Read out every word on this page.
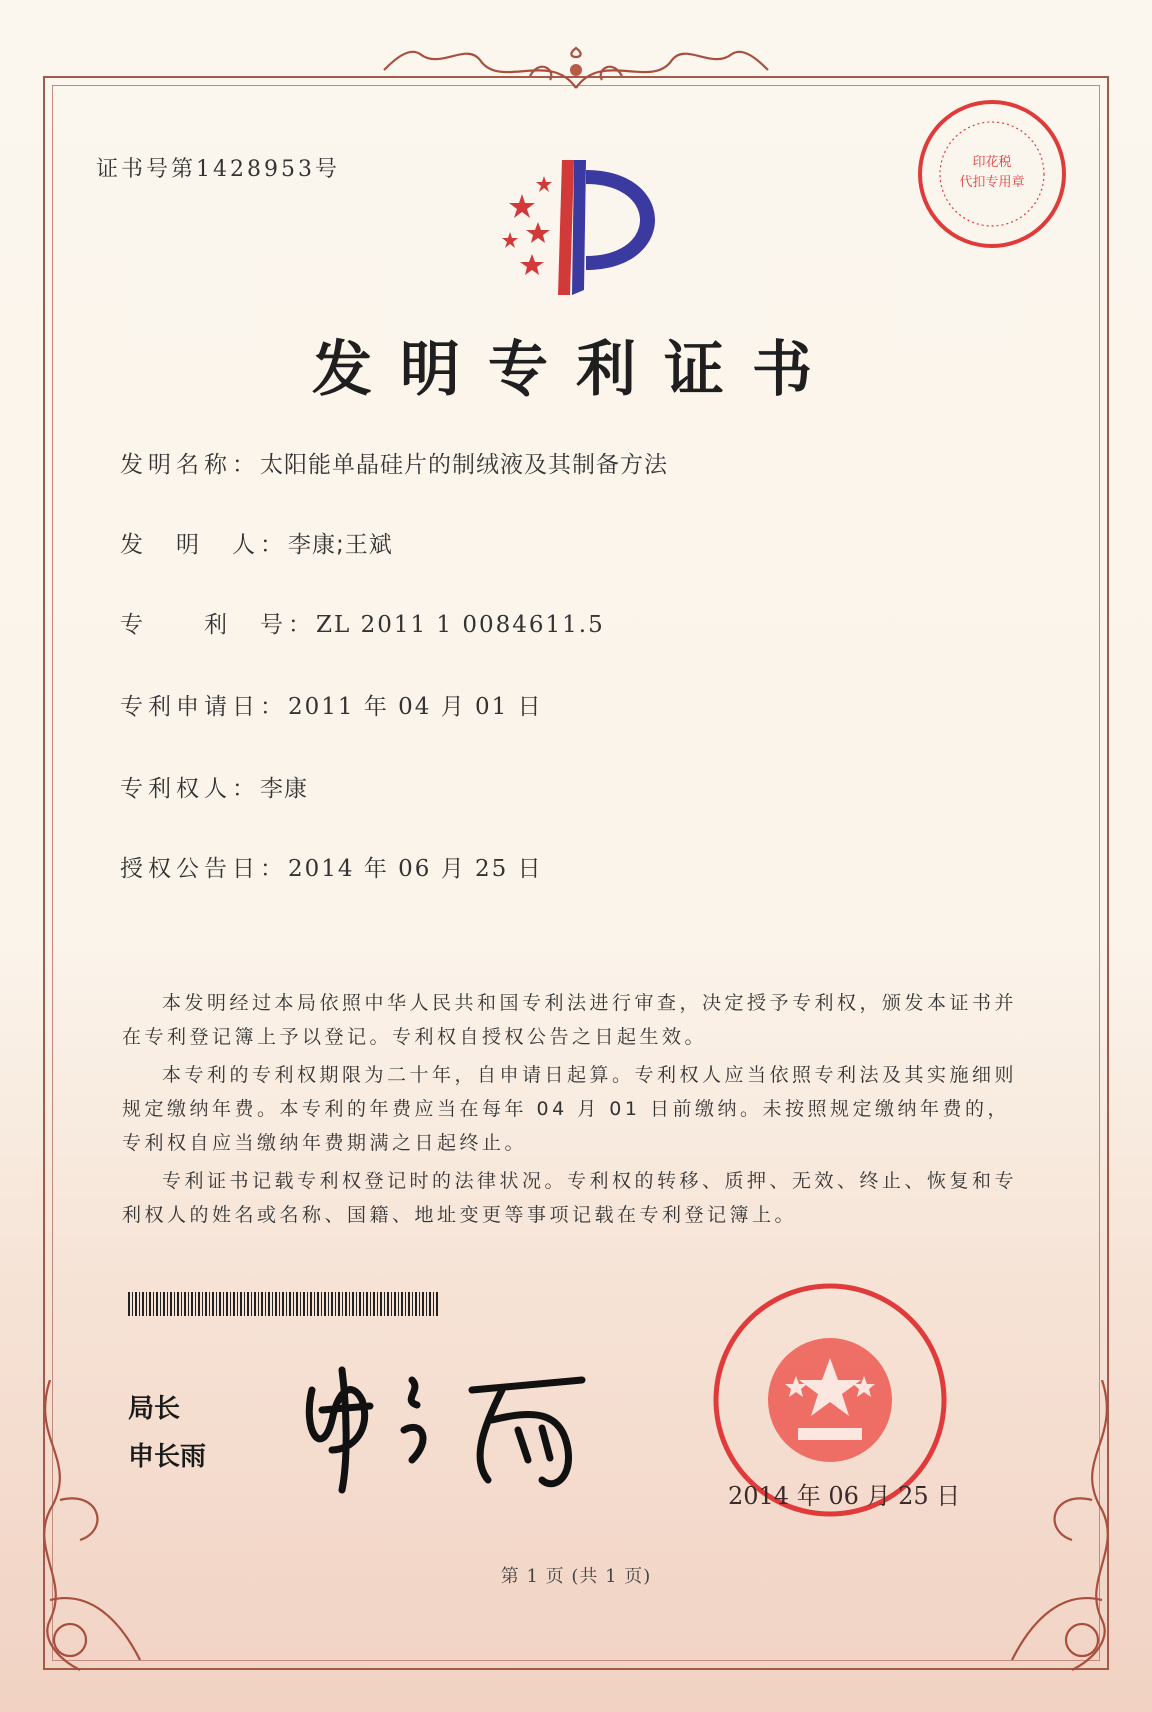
证书号第1428953号	印花税
代扣专用章
发明专利证书
发明名称：太阳能单晶硅片的制绒液及其制备方法
发　明　人：李康;王斌
专　　利　号：ZL 2011 1 0084611.5
专利申请日：2011 年 04 月 01 日
专利权人：李康
授权公告日：2014 年 06 月 25 日

本发明经过本局依照中华人民共和国专利法进行审查，决定授予专利权，颁发本证书并在专利登记簿上予以登记。专利权自授权公告之日起生效。

本专利的专利权期限为二十年，自申请日起算。专利权人应当依照专利法及其实施细则规定缴纳年费。本专利的年费应当在每年 04 月 01 日前缴纳。未按照规定缴纳年费的，专利权自应当缴纳年费期满之日起终止。

专利证书记载专利权登记时的法律状况。专利权的转移、质押、无效、终止、恢复和专利权人的姓名或名称、国籍、地址变更等事项记载在专利登记簿上。

局长
申长雨
2014 年 06 月 25 日
第 1 页 (共 1 页)
